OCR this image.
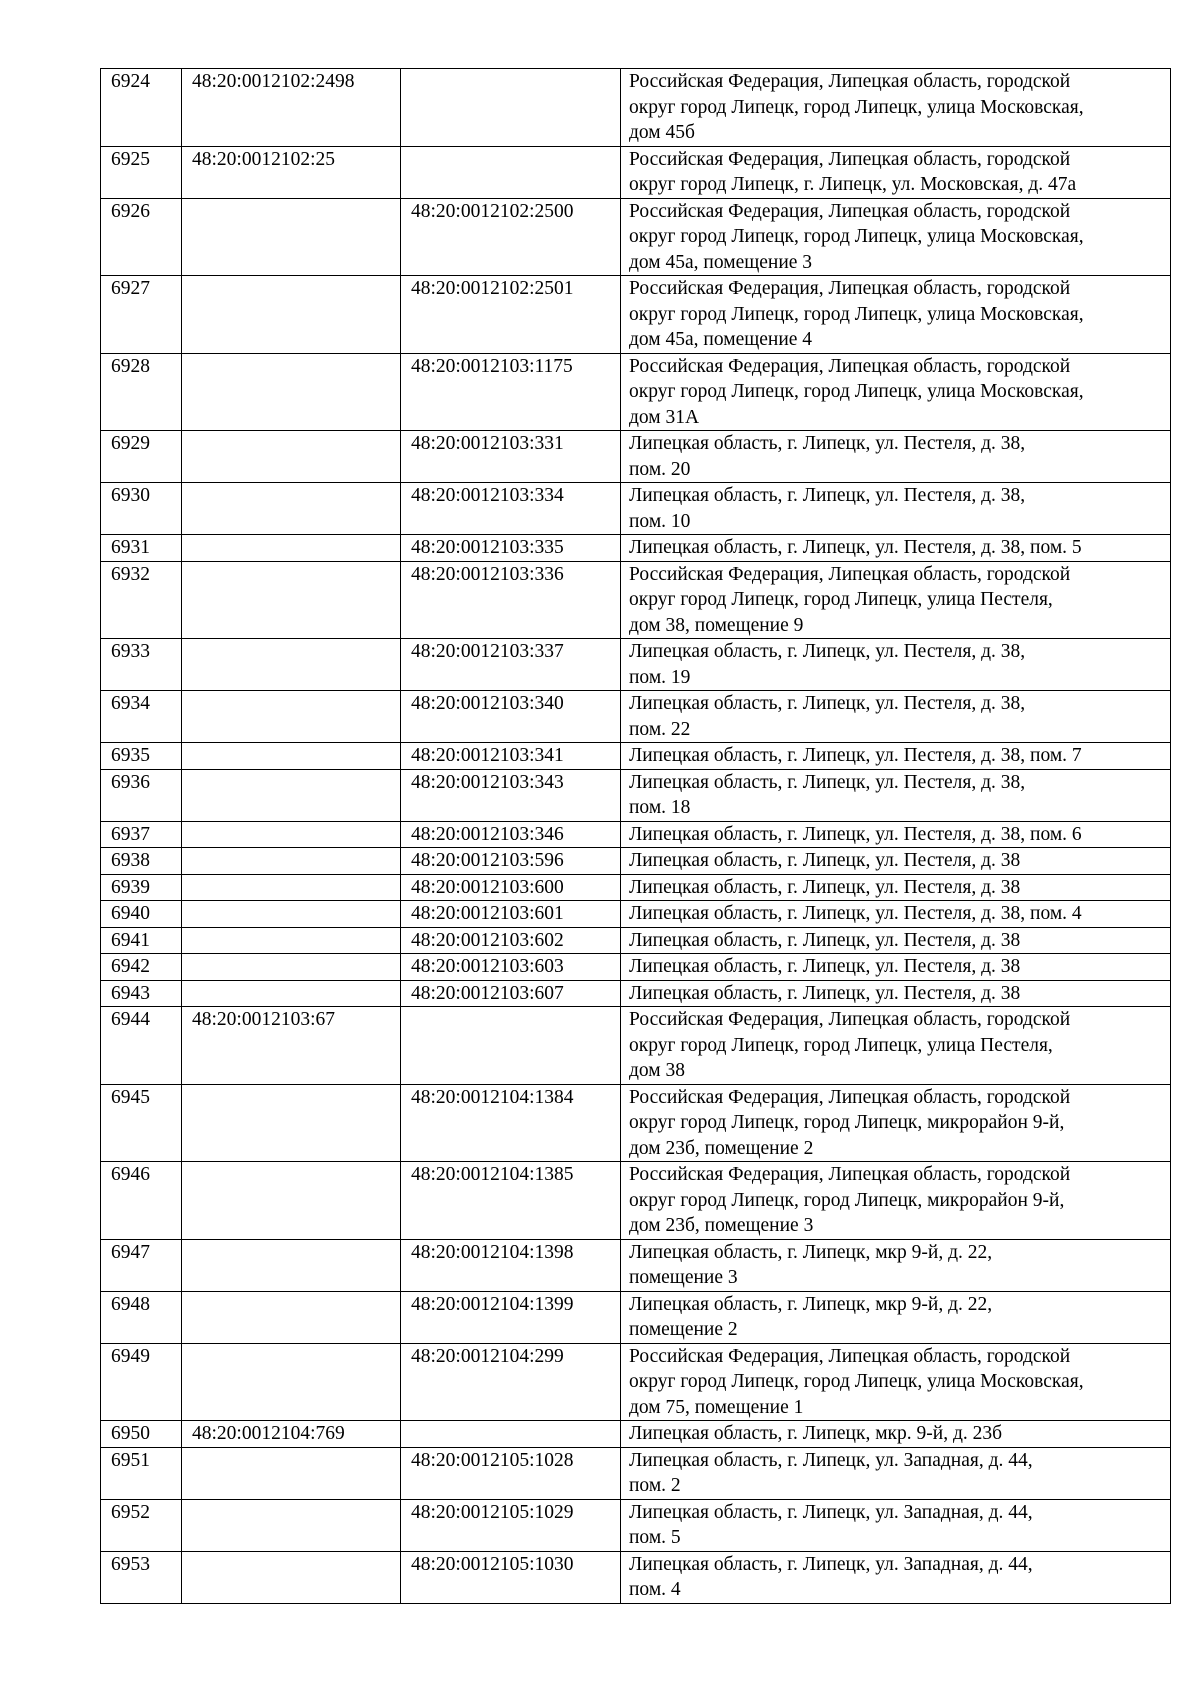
6924	48:20:0012102:2498		Российская Федерация, Липецкая область, городской
округ город Липецк, город Липецк, улица Московская,
дом 45б

6925	48:20:0012102:25		Российская Федерация, Липецкая область, городской
округ город Липецк, г. Липецк, ул. Московская, д. 47а

6926		48:20:0012102:2500	Российская Федерация, Липецкая область, городской
округ город Липецк, город Липецк, улица Московская,
дом 45а, помещение 3

6927		48:20:0012102:2501	Российская Федерация, Липецкая область, городской
округ город Липецк, город Липецк, улица Московская,
дом 45а, помещение 4

6928		48:20:0012103:1175	Российская Федерация, Липецкая область, городской
округ город Липецк, город Липецк, улица Московская,
дом 31А

6929		48:20:0012103:331	Липецкая область, г. Липецк, ул. Пестеля, д. 38,
пом. 20

6930		48:20:0012103:334	Липецкая область, г. Липецк, ул. Пестеля, д. 38,
пом. 10

6931		48:20:0012103:335	Липецкая область, г. Липецк, ул. Пестеля, д. 38, пом. 5

6932		48:20:0012103:336	Российская Федерация, Липецкая область, городской
округ город Липецк, город Липецк, улица Пестеля,
дом 38, помещение 9

6933		48:20:0012103:337	Липецкая область, г. Липецк, ул. Пестеля, д. 38,
пом. 19

6934		48:20:0012103:340	Липецкая область, г. Липецк, ул. Пестеля, д. 38,
пом. 22

6935		48:20:0012103:341	Липецкая область, г. Липецк, ул. Пестеля, д. 38, пом. 7

6936		48:20:0012103:343	Липецкая область, г. Липецк, ул. Пестеля, д. 38,
пом. 18

6937		48:20:0012103:346	Липецкая область, г. Липецк, ул. Пестеля, д. 38, пом. 6

6938		48:20:0012103:596	Липецкая область, г. Липецк, ул. Пестеля, д. 38

6939		48:20:0012103:600	Липецкая область, г. Липецк, ул. Пестеля, д. 38

6940		48:20:0012103:601	Липецкая область, г. Липецк, ул. Пестеля, д. 38, пом. 4

6941		48:20:0012103:602	Липецкая область, г. Липецк, ул. Пестеля, д. 38

6942		48:20:0012103:603	Липецкая область, г. Липецк, ул. Пестеля, д. 38

6943		48:20:0012103:607	Липецкая область, г. Липецк, ул. Пестеля, д. 38

6944	48:20:0012103:67		Российская Федерация, Липецкая область, городской
округ город Липецк, город Липецк, улица Пестеля,
дом 38

6945		48:20:0012104:1384	Российская Федерация, Липецкая область, городской
округ город Липецк, город Липецк, микрорайон 9-й,
дом 23б, помещение 2

6946		48:20:0012104:1385	Российская Федерация, Липецкая область, городской
округ город Липецк, город Липецк, микрорайон 9-й,
дом 23б, помещение 3

6947		48:20:0012104:1398	Липецкая область, г. Липецк, мкр 9-й, д. 22,
помещение 3

6948		48:20:0012104:1399	Липецкая область, г. Липецк, мкр 9-й, д. 22,
помещение 2

6949		48:20:0012104:299	Российская Федерация, Липецкая область, городской
округ город Липецк, город Липецк, улица Московская,
дом 75, помещение 1

6950	48:20:0012104:769		Липецкая область, г. Липецк, мкр. 9-й, д. 23б

6951		48:20:0012105:1028	Липецкая область, г. Липецк, ул. Западная, д. 44,
пом. 2

6952		48:20:0012105:1029	Липецкая область, г. Липецк, ул. Западная, д. 44,
пом. 5

6953		48:20:0012105:1030	Липецкая область, г. Липецк, ул. Западная, д. 44,
пом. 4
